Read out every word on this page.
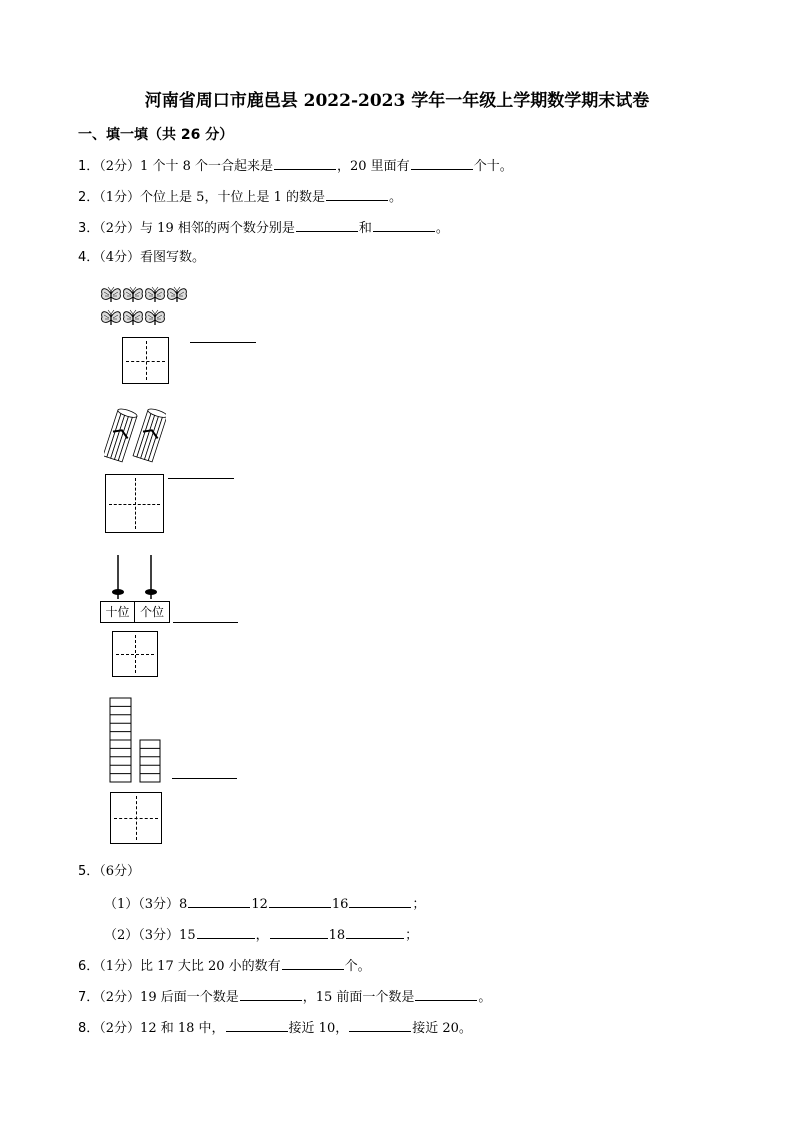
河南省周口市鹿邑县 2022-2023 学年一年级上学期数学期末试卷
一、填一填（共 26 分）
1．（2分）1 个十 8 个一合起来是	，20 里面有	个十。
2．（1分）个位上是 5，十位上是 1 的数是	。
3．（2分）与 19 相邻的两个数分别是	和	。
4．（4分）看图写数。
十位 个位
5．（6分）
（1）（3分）8	12	16	；
（2）（3分）15	，	18	；
6．（1分）比 17 大比 20 小的数有	个。
7．（2分）19 后面一个数是	，15 前面一个数是	。
8．（2分）12 和 18 中，	接近 10，	接近 20。
